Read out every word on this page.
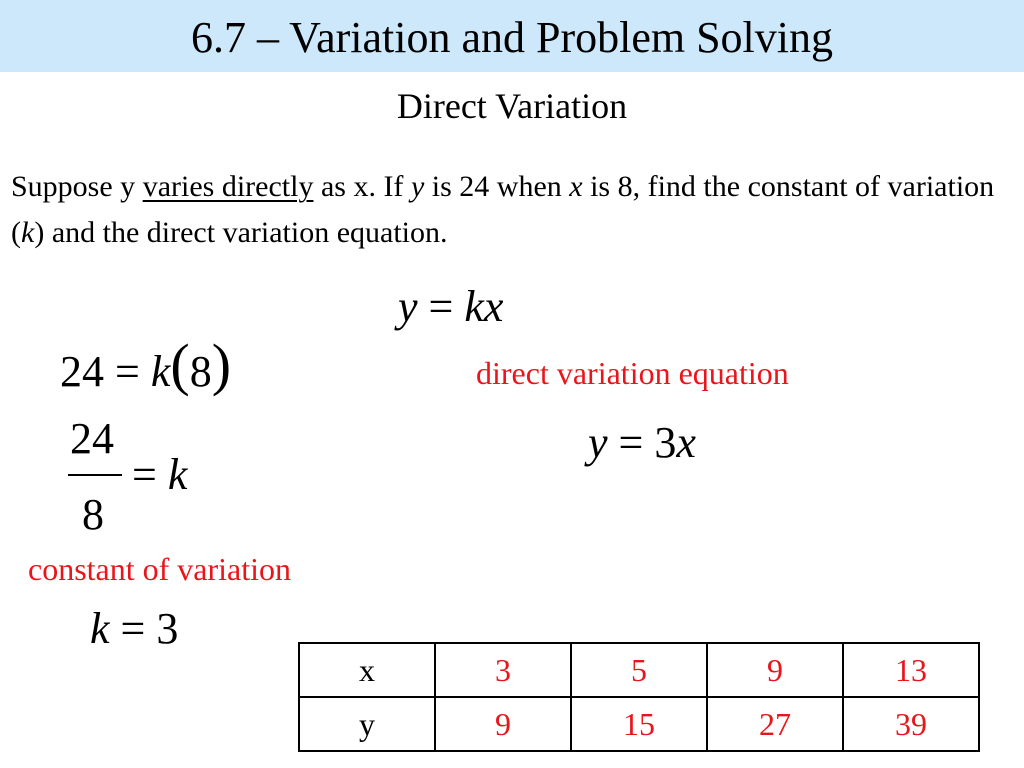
6.7 – Variation and Problem Solving
Direct Variation
Suppose y varies directly as x. If y is 24 when x is 8, find the constant of variation (k) and the direct variation equation.
y = kx
24 = k(8)	direct variation equation
24
8
= k
y = 3x
constant of variation
k = 3
x	3	5	9	13
y	9	15	27	39
